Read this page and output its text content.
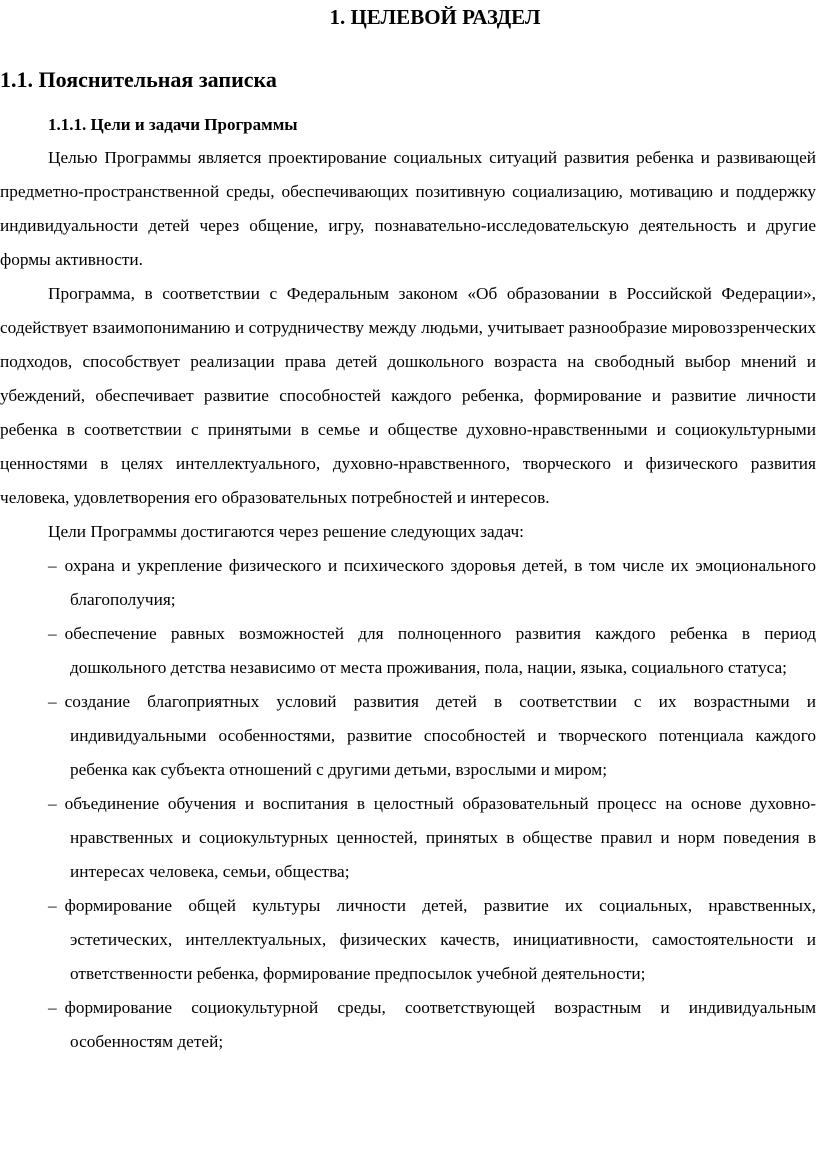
1. ЦЕЛЕВОЙ РАЗДЕЛ
1.1. Пояснительная записка
1.1.1. Цели и задачи Программы

Целью Программы является проектирование социальных ситуаций развития ребенка и развивающей предметно-пространственной среды, обеспечивающих позитивную социализацию, мотивацию и поддержку индивидуальности детей через общение, игру, познавательно-исследовательскую деятельность и другие формы активности.

Программа, в соответствии с Федеральным законом «Об образовании в Российской Федерации», содействует взаимопониманию и сотрудничеству между людьми, учитывает разнообразие мировоззренческих подходов, способствует реализации права детей дошкольного возраста на свободный выбор мнений и убеждений, обеспечивает развитие способностей каждого ребенка, формирование и развитие личности ребенка в соответствии с принятыми в семье и обществе духовно-нравственными и социокультурными ценностями в целях интеллектуального, духовно-нравственного, творческого и физического развития человека, удовлетворения его образовательных потребностей и интересов.

Цели Программы достигаются через решение следующих задач:

– охрана и укрепление физического и психического здоровья детей, в том числе их эмоционального благополучия;
– обеспечение равных возможностей для полноценного развития каждого ребенка в период дошкольного детства независимо от места проживания, пола, нации, языка, социального статуса;
– создание благоприятных условий развития детей в соответствии с их возрастными и индивидуальными особенностями, развитие способностей и творческого потенциала каждого ребенка как субъекта отношений с другими детьми, взрослыми и миром;
– объединение обучения и воспитания в целостный образовательный процесс на основе духовно-нравственных и социокультурных ценностей, принятых в обществе правил и норм поведения в интересах человека, семьи, общества;
– формирование общей культуры личности детей, развитие их социальных, нравственных, эстетических, интеллектуальных, физических качеств, инициативности, самостоятельности и ответственности ребенка, формирование предпосылок учебной деятельности;
– формирование социокультурной среды, соответствующей возрастным и индивидуальным особенностям детей;
